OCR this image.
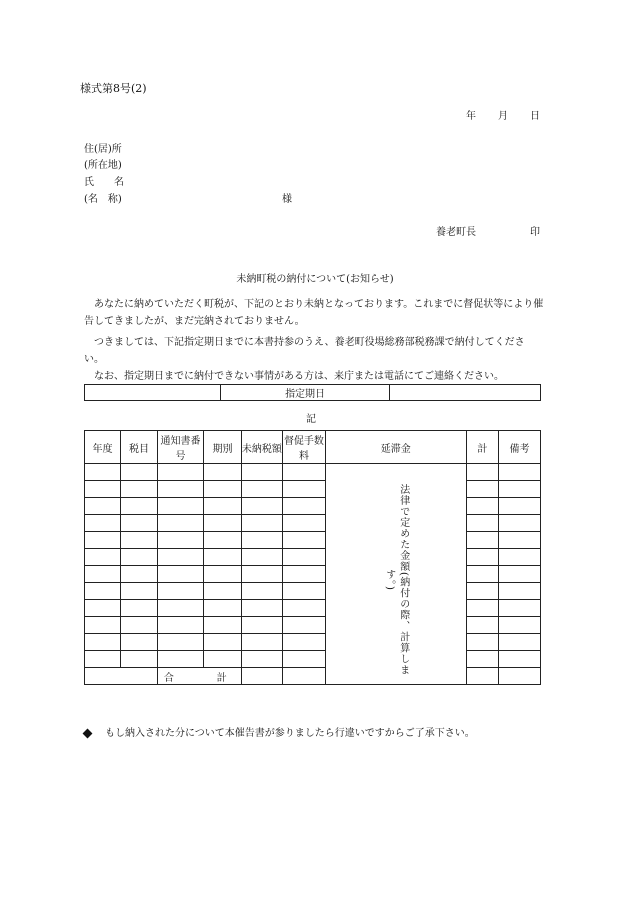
様式第8号(2)
年 月 日
住(居)所
(所在地)
氏　　名
(名　称)	様
養老町長	印
未納町税の納付について(お知らせ)
あなたに納めていただく町税が、下記のとおり未納となっております。これまでに督促状等により催告してきましたが、まだ完納されておりません。
つきましては、下記指定期日までに本書持参のうえ、養老町役場総務部税務課で納付してください。
なお、指定期日までに納付できない事情がある方は、来庁または電話にてご連絡ください。
	指定期日	
記
年度	税目	通知書番号	期別	未納税額	督促手数料	延滞金	計	備考
						法律で定めた金額(納付の際、計算します。)		

		合 計						

もし納入された分について本催告書が参りましたら行違いですからご了承下さい。
